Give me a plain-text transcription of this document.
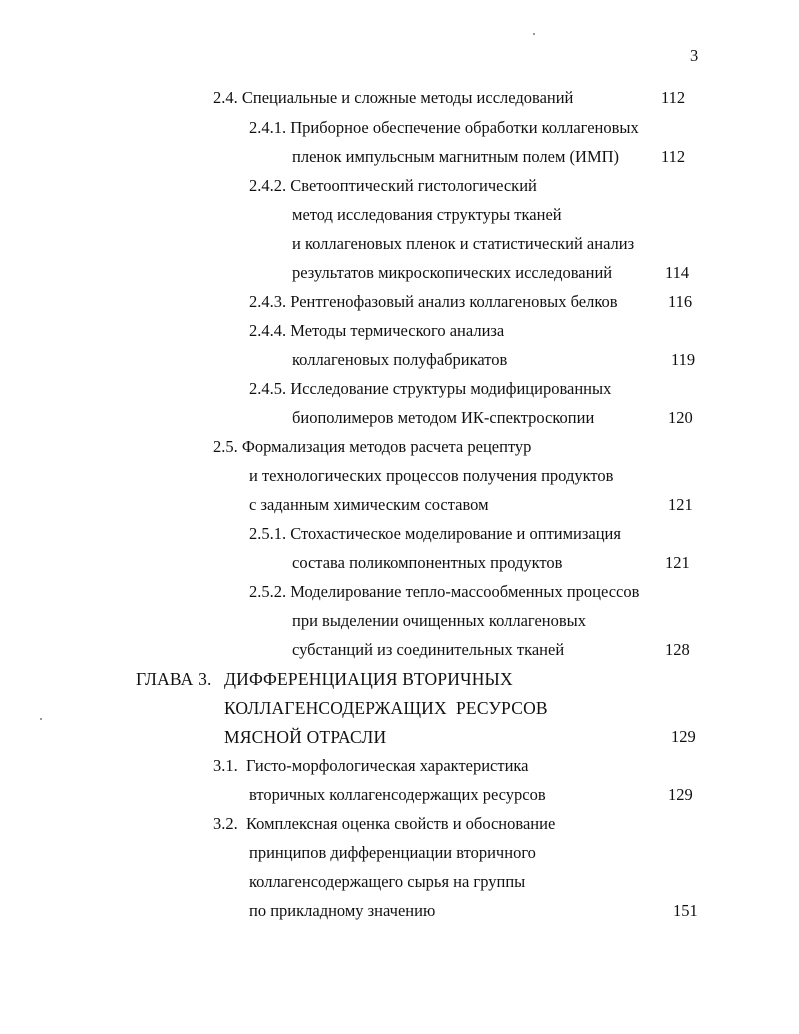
3
2.4. Специальные и сложные методы исследований	112
2.4.1. Приборное обеспечение обработки коллагеновых
пленок импульсным магнитным полем (ИМП)	112
2.4.2. Светооптический гистологический
метод исследования структуры тканей
и коллагеновых пленок и статистический анализ
результатов микроскопических исследований	114
2.4.3. Рентгенофазовый анализ коллагеновых белков	116
2.4.4. Методы термического анализа
коллагеновых полуфабрикатов	119
2.4.5. Исследование структуры модифицированных
биополимеров методом ИК-спектроскопии	120
2.5. Формализация методов расчета рецептур
и технологических процессов получения продуктов
с заданным химическим составом	121
2.5.1. Стохастическое моделирование и оптимизация
состава поликомпонентных продуктов	121
2.5.2. Моделирование тепло-массообменных процессов
при выделении очищенных коллагеновых
субстанций из соединительных тканей	128
ГЛАВА 3. ДИФФЕРЕНЦИАЦИЯ ВТОРИЧНЫХ
КОЛЛАГЕНСОДЕРЖАЩИХ  РЕСУРСОВ
МЯСНОЙ ОТРАСЛИ	129
3.1. Гисто-морфологическая характеристика
вторичных коллагенсодержащих ресурсов	129
3.2. Комплексная оценка свойств и обоснование
принципов дифференциации вторичного
коллагенсодержащего сырья на группы
по прикладному значению	151
